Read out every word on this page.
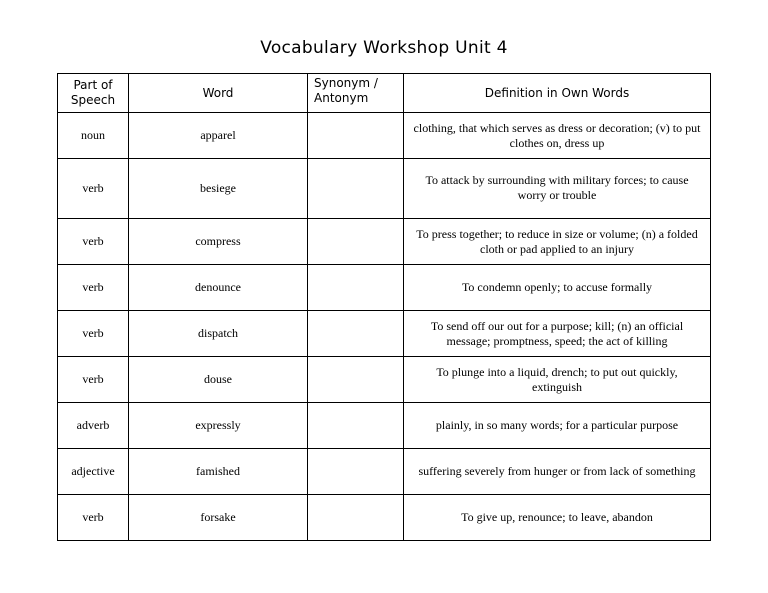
Vocabulary Workshop Unit 4
Part of Speech	Word	Synonym / Antonym	Definition in Own Words
noun	apparel		clothing, that which serves as dress or decoration; (v) to put clothes on, dress up
verb	besiege		To attack by surrounding with military forces; to cause worry or trouble
verb	compress		To press together; to reduce in size or volume; (n) a folded cloth or pad applied to an injury
verb	denounce		To condemn openly; to accuse formally
verb	dispatch		To send off our out for a purpose; kill; (n) an official message; promptness, speed; the act of killing
verb	douse		To plunge into a liquid, drench; to put out quickly, extinguish
adverb	expressly		plainly, in so many words; for a particular purpose
adjective	famished		suffering severely from hunger or from lack of something
verb	forsake		To give up, renounce; to leave, abandon
